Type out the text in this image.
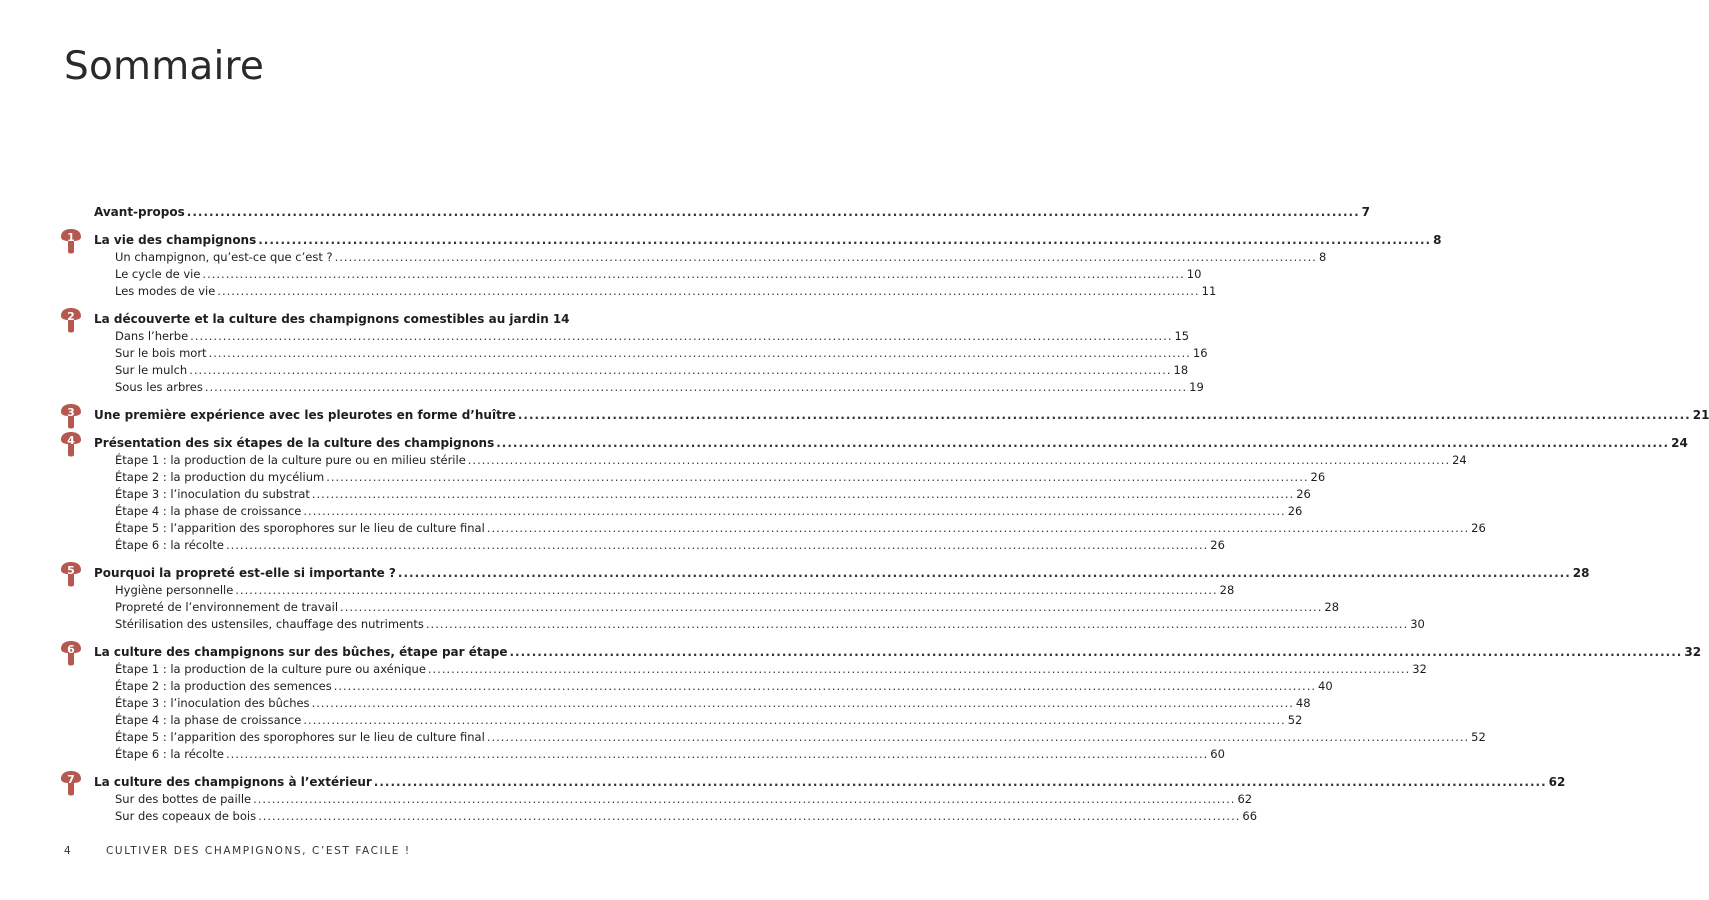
Sommaire
Avant-propos .....	7
1	La vie des champignons .....	8
Un champignon, qu’est-ce que c’est ? .....	8
Le cycle de vie .....	10
Les modes de vie .....	11
2	La découverte et la culture des champignons comestibles au jardin 14
Dans l’herbe .....	15
Sur le bois mort .....	16
Sur le mulch .....	18
Sous les arbres .....	19
3	Une première expérience avec les pleurotes en forme d’huître .....	21
4	Présentation des six étapes de la culture des champignons .....	24
Étape 1 : la production de la culture pure ou en milieu stérile .....	24
Étape 2 : la production du mycélium .....	26
Étape 3 : l’inoculation du substrat .....	26
Étape 4 : la phase de croissance .....	26
Étape 5 : l’apparition des sporophores sur le lieu de culture final .....	26
Étape 6 : la récolte .....	26
5	Pourquoi la propreté est-elle si importante ? .....	28
Hygiène personnelle .....	28
Propreté de l’environnement de travail .....	28
Stérilisation des ustensiles, chauffage des nutriments .....	30
6	La culture des champignons sur des bûches, étape par étape .....	32
Étape 1 : la production de la culture pure ou axénique .....	32
Étape 2 : la production des semences .....	40
Étape 3 : l’inoculation des bûches .....	48
Étape 4 : la phase de croissance .....	52
Étape 5 : l’apparition des sporophores sur le lieu de culture final .....	52
Étape 6 : la récolte .....	60
7	La culture des champignons à l’extérieur .....	62
Sur des bottes de paille .....	62
Sur des copeaux de bois .....	66
4	CULTIVER DES CHAMPIGNONS, C’EST FACILE !
